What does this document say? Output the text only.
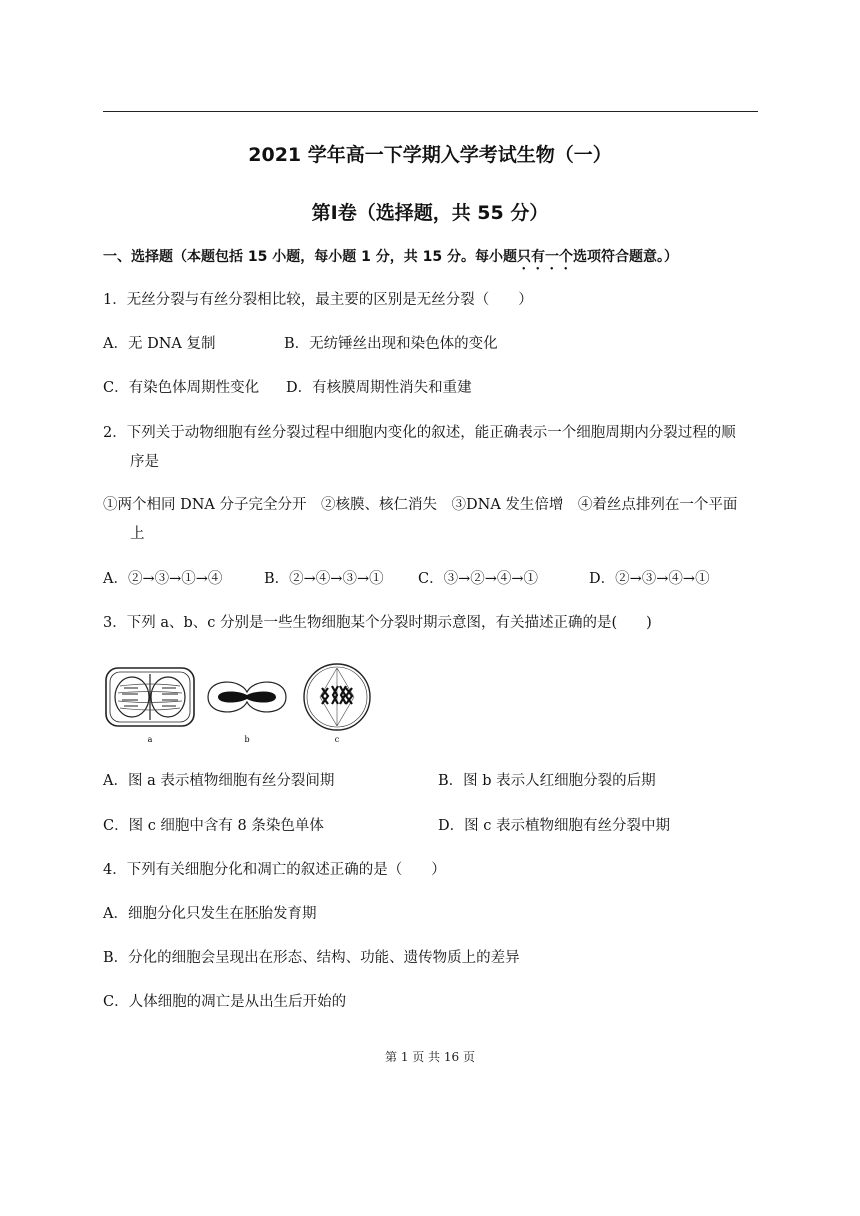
2021 学年高一下学期入学考试生物（一）
第Ⅰ卷（选择题，共 55 分）
一、选择题（本题包括 15 小题，每小题 1 分，共 15 分。每小题只有一个选项符合题意。）
1．无丝分裂与有丝分裂相比较，最主要的区别是无丝分裂（　　）
A．无 DNA 复制	B．无纺锤丝出现和染色体的变化
C．有染色体周期性变化 D．有核膜周期性消失和重建
2．下列关于动物细胞有丝分裂过程中细胞内变化的叙述，能正确表示一个细胞周期内分裂过程的顺
序是
①两个相同 DNA 分子完全分开　②核膜、核仁消失　③DNA 发生倍增　④着丝点排列在一个平面
上
A．②→③→①→④	B．②→④→③→① C．③→②→④→①	D．②→③→④→①
3．下列 a、b、c 分别是一些生物细胞某个分裂时期示意图，有关描述正确的是(　　)
a	b	c
A．图 a 表示植物细胞有丝分裂间期	B．图 b 表示人红细胞分裂的后期
C．图 c 细胞中含有 8 条染色单体	D．图 c 表示植物细胞有丝分裂中期
4．下列有关细胞分化和凋亡的叙述正确的是（　　）
A．细胞分化只发生在胚胎发育期
B．分化的细胞会呈现出在形态、结构、功能、遗传物质上的差异
C．人体细胞的凋亡是从出生后开始的
第 1 页 共 16 页
